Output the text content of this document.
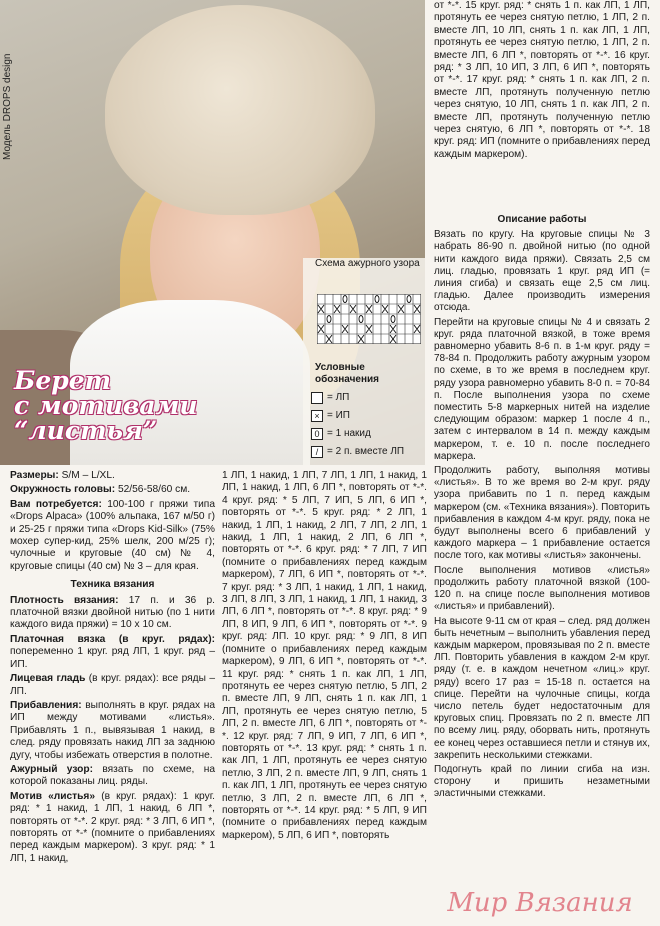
Модель DROPS design
Берет
с мотивами
“листья”
Схема ажурного узора
Условные обозначения
= ЛП
× = ИП
0 = 1 накид
/ = 2 п. вместе ЛП

Размеры: S/M – L/XL.

Окружность головы: 52/56-58/60 см.

Вам потребуется: 100-100 г пряжи типа «Drops Alpaca» (100% альпака, 167 м/50 г) и 25-25 г пряжи типа «Drops Kid-Silk» (75% мохер супер-кид, 25% шелк, 200 м/25 г); чулочные и круговые (40 см) № 4, круговые спицы (40 см) № 3 – для края.

Техника вязания

Плотность вязания: 17 п. и 36 р. платочной вязки двойной нитью (по 1 нити каждого вида пряжи) = 10 x 10 см.

Платочная вязка (в круг. рядах): попеременно 1 круг. ряд ЛП, 1 круг. ряд – ИП.

Лицевая гладь (в круг. рядах): все ряды – ЛП.

Прибавления: выполнять в круг. рядах на ИП между мотивами «листья». Прибавлять 1 п., вывязывая 1 накид, в след. ряду провязать накид ЛП за заднюю дугу, чтобы избежать отверстия в полотне.

Ажурный узор: вязать по схеме, на которой показаны лиц. ряды.

Мотив «листья» (в круг. рядах): 1 круг. ряд: * 1 накид, 1 ЛП, 1 накид, 6 ЛП *, повторять от *-*. 2 круг. ряд: * 3 ЛП, 6 ИП *, повторять от *-* (помните о прибавлениях перед каждым маркером). 3 круг. ряд: * 1 ЛП, 1 накид,

1 ЛП, 1 накид, 1 ЛП, 7 ЛП, 1 ЛП, 1 накид, 1 ЛП, 1 накид, 1 ЛП, 6 ЛП *, повторять от *-*. 4 круг. ряд: * 5 ЛП, 7 ИП, 5 ЛП, 6 ИП *, повторять от *-*. 5 круг. ряд: * 2 ЛП, 1 накид, 1 ЛП, 1 накид, 2 ЛП, 7 ЛП, 2 ЛП, 1 накид, 1 ЛП, 1 накид, 2 ЛП, 6 ЛП *, повторять от *-*. 6 круг. ряд: * 7 ЛП, 7 ИП (помните о прибавлениях перед каждым маркером), 7 ЛП, 6 ИП *, повторять от *-*. 7 круг. ряд: * 3 ЛП, 1 накид, 1 ЛП, 1 накид, 3 ЛП, 8 ЛП, 3 ЛП, 1 накид, 1 ЛП, 1 накид, 3 ЛП, 6 ЛП *, повторять от *-*. 8 круг. ряд: * 9 ЛП, 8 ИП, 9 ЛП, 6 ИП *, повторять от *-*. 9 круг. ряд: ЛП. 10 круг. ряд: * 9 ЛП, 8 ИП (помните о прибавлениях перед каждым маркером), 9 ЛП, 6 ИП *, повторять от *-*. 11 круг. ряд: * снять 1 п. как ЛП, 1 ЛП, протянуть ее через снятую петлю, 5 ЛП, 2 п. вместе ЛП, 9 ЛП, снять 1 п. как ЛП, 1 ЛП, протянуть ее через снятую петлю, 5 ЛП, 2 п. вместе ЛП, 6 ЛП *, повторять от *-*. 12 круг. ряд: 7 ЛП, 9 ИП, 7 ЛП, 6 ИП *, повторять от *-*. 13 круг. ряд: * снять 1 п. как ЛП, 1 ЛП, протянуть ее через снятую петлю, 3 ЛП, 2 п. вместе ЛП, 9 ЛП, снять 1 п. как ЛП, 1 ЛП, протянуть ее через снятую петлю, 3 ЛП, 2 п. вместе ЛП, 6 ЛП *, повторять от *-*. 14 круг. ряд: * 5 ЛП, 9 ИП (помните о прибавлениях перед каждым маркером), 5 ЛП, 6 ИП *, повторять

от *-*. 15 круг. ряд: * снять 1 п. как ЛП, 1 ЛП, протянуть ее через снятую петлю, 1 ЛП, 2 п. вместе ЛП, 10 ЛП, снять 1 п. как ЛП, 1 ЛП, протянуть ее через снятую петлю, 1 ЛП, 2 п. вместе ЛП, 6 ЛП *, повторять от *-*. 16 круг. ряд: * 3 ЛП, 10 ИП, 3 ЛП, 6 ИП *, повторять от *-*. 17 круг. ряд: * снять 1 п. как ЛП, 2 п. вместе ЛП, протянуть полученную петлю через снятую, 10 ЛП, снять 1 п. как ЛП, 2 п. вместе ЛП, протянуть полученную петлю через снятую, 6 ЛП *, повторять от *-*. 18 круг. ряд: ИП (помните о прибавлениях перед каждым маркером).

Описание работы

Вязать по кругу. На круговые спицы № 3 набрать 86-90 п. двойной нитью (по одной нити каждого вида пряжи). Связать 2,5 см лиц. гладью, провязать 1 круг. ряд ИП (= линия сгиба) и связать еще 2,5 см лиц. гладью. Далее производить измерения отсюда.

Перейти на круговые спицы № 4 и связать 2 круг. ряда платочной вязкой, в тоже время равномерно убавить 8-6 п. в 1-м круг. ряду = 78-84 п. Продолжить работу ажурным узором по схеме, в то же время в последнем круг. ряду узора равномерно убавить 8-0 п. = 70-84 п. После выполнения узора по схеме поместить 5-8 маркерных нитей на изделие следующим образом: маркер 1 после 4 п., затем с интервалом в 14 п. между каждым маркером, т. е. 10 п. после последнего маркера.

Продолжить работу, выполняя мотивы «листья». В то же время во 2-м круг. ряду узора прибавить по 1 п. перед каждым маркером (см. «Техника вязания»). Повторить прибавления в каждом 4-м круг. ряду, пока не будут выполнены всего 6 прибавлений у каждого маркера – 1 прибавление остается после того, как мотивы «листья» закончены.

После выполнения мотивов «листья» продолжить работу платочной вязкой (100-120 п. на спице после выполнения мотивов «листья» и прибавлений).

На высоте 9-11 см от края – след. ряд должен быть нечетным – выполнить убавления перед каждым маркером, провязывая по 2 п. вместе ЛП. Повторить убавления в каждом 2-м круг. ряду (т. е. в каждом нечетном «лиц.» круг. ряду) всего 17 раз = 15-18 п. остается на спице. Перейти на чулочные спицы, когда число петель будет недостаточным для круговых спиц. Провязать по 2 п. вместе ЛП по всему лиц. ряду, оборвать нить, протянуть ее конец через оставшиеся петли и стянув их, закрепить несколькими стежками.

Подогнуть край по линии сгиба на изн. сторону и пришить незаметными эластичными стежками.

Мир Вязания
